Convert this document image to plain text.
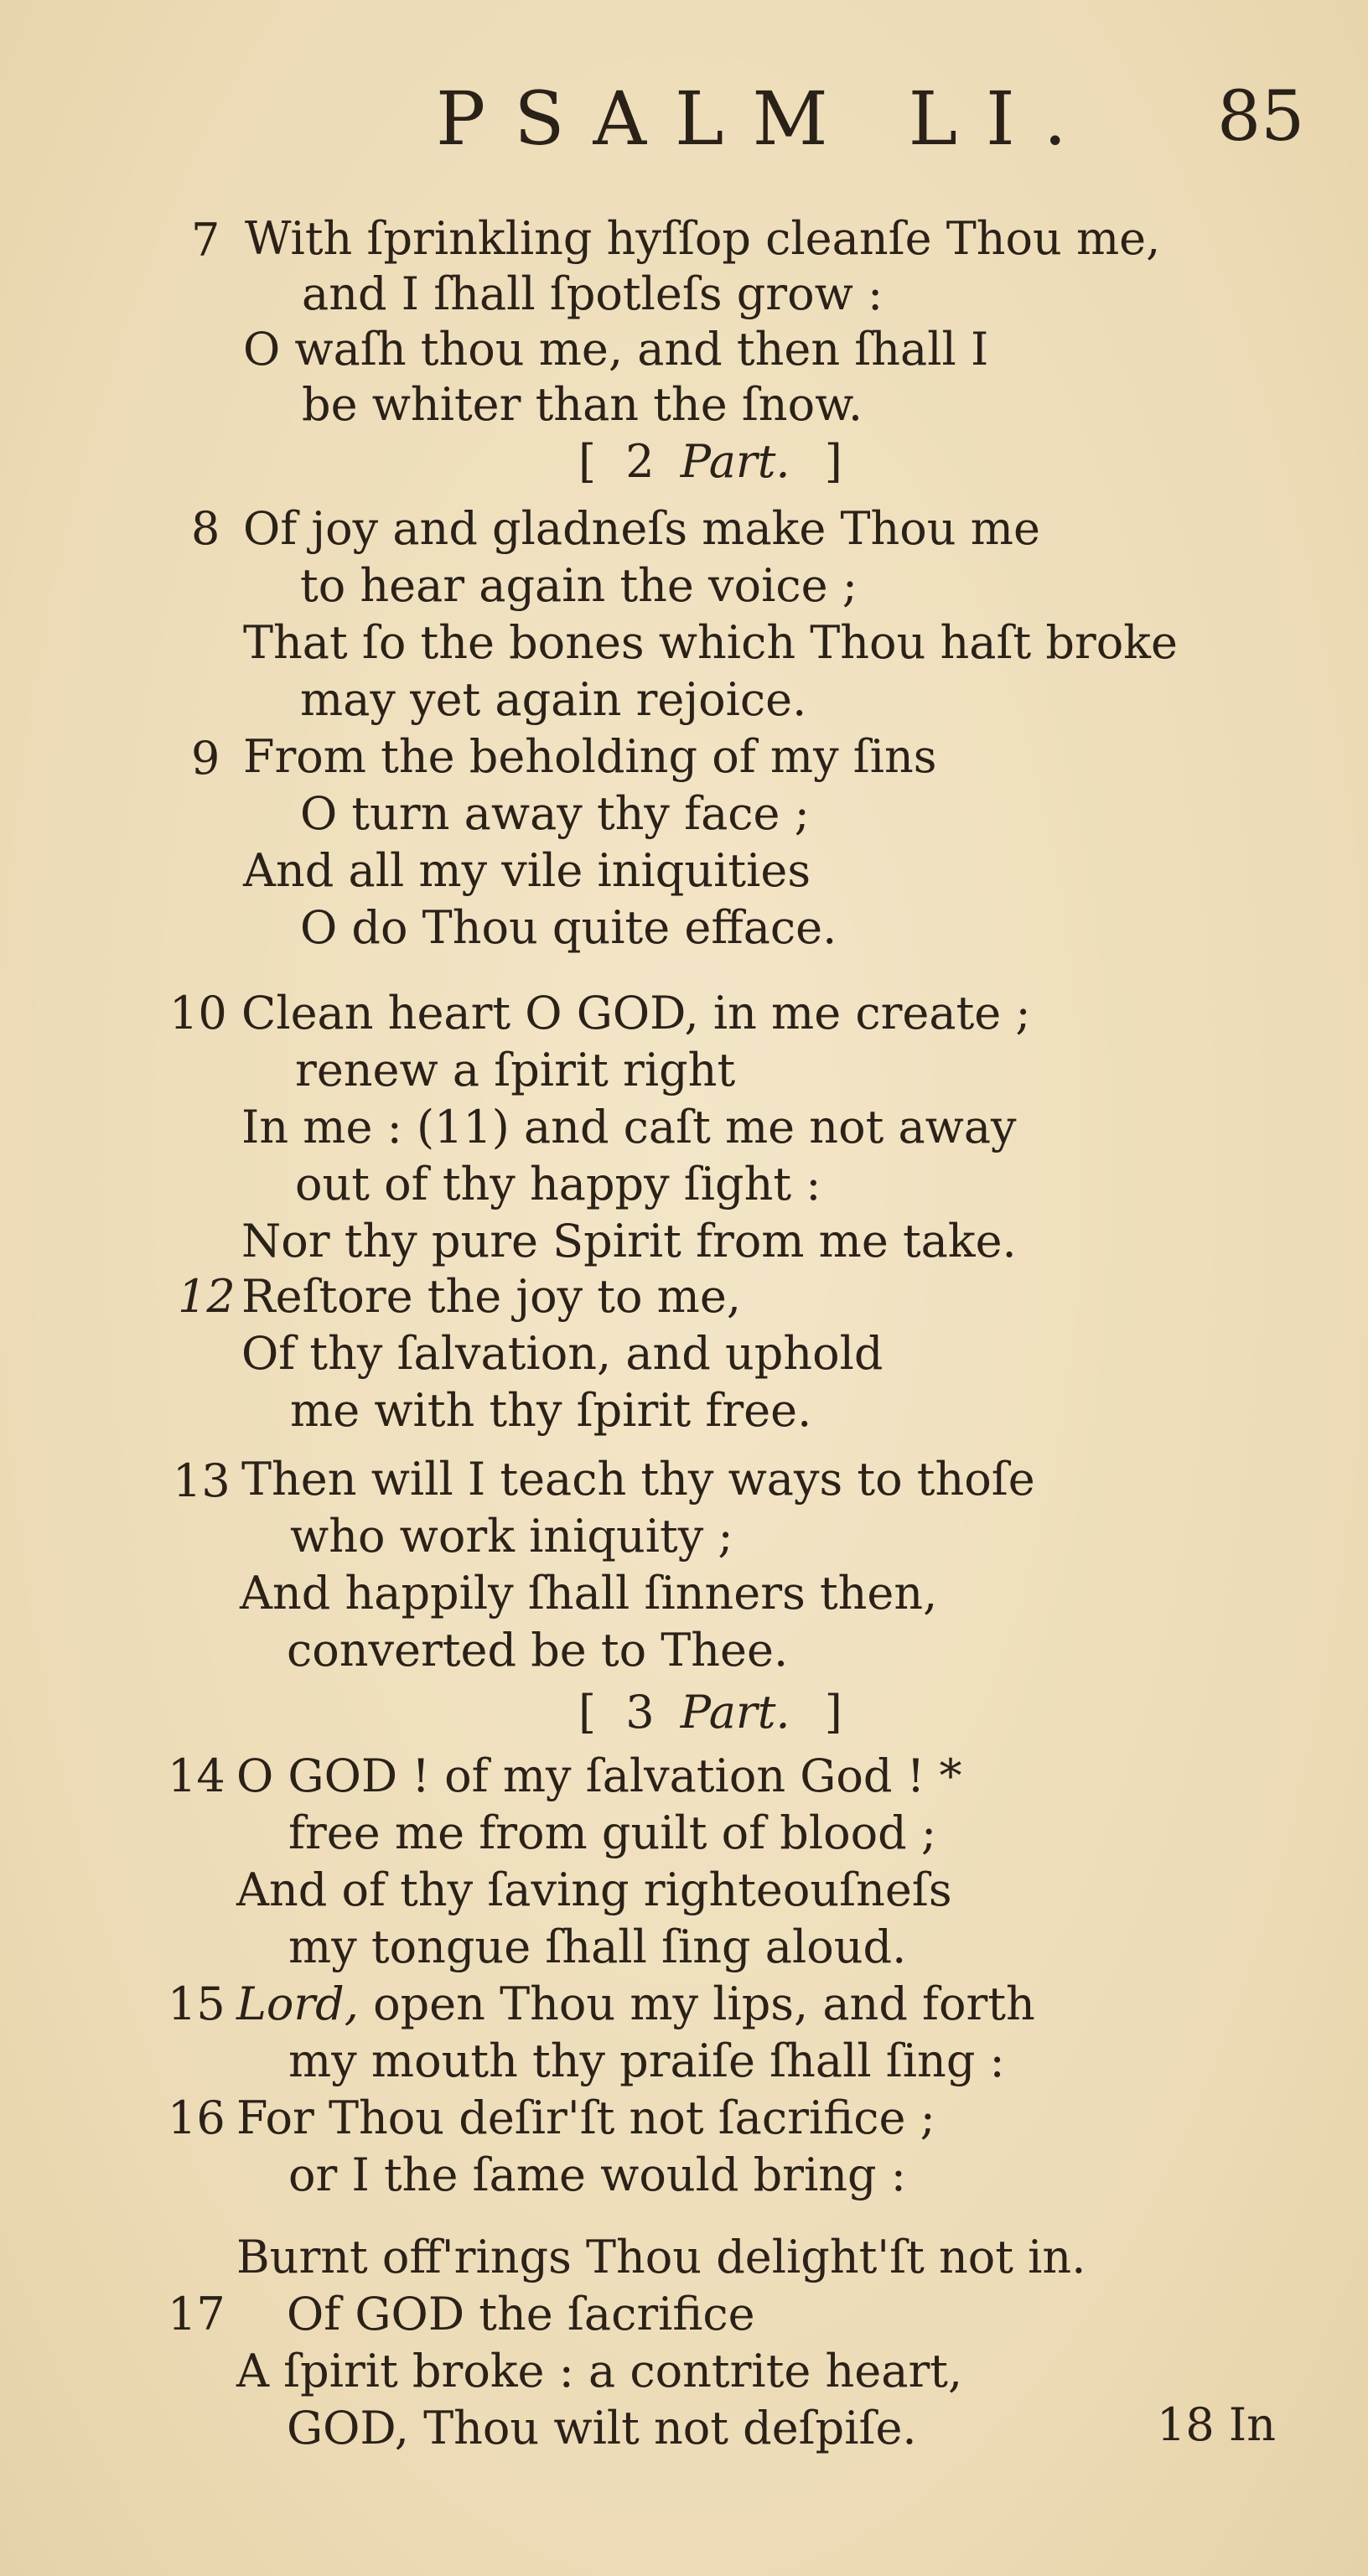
PSALM LI. 85
7 With ſprinkling hyſſop cleanſe Thou me,
and I ſhall ſpotleſs grow :
O waſh thou me, and then ſhall I
be whiter than the ſnow.
[ 2 Part. ]
8 Of joy and gladneſs make Thou me
to hear again the voice ;
That ſo the bones which Thou haſt broke
may yet again rejoice.
9 From the beholding of my ſins
O turn away thy face ;
And all my vile iniquities
O do Thou quite efface.
10 Clean heart O GOD, in me create ;
renew a ſpirit right
In me : (11) and caſt me not away
out of thy happy ſight :
Nor thy pure Spirit from me take.
12 Reſtore the joy to me,
Of thy ſalvation, and uphold
me with thy ſpirit free.
13 Then will I teach thy ways to thoſe
who work iniquity ;
And happily ſhall ſinners then,
converted be to Thee.
[ 3 Part. ]
14 O GOD ! of my ſalvation God ! *
free me from guilt of blood ;
And of thy ſaving righteouſneſs
my tongue ſhall ſing aloud.
15 Lord, open Thou my lips, and forth
my mouth thy praiſe ſhall ſing :
16 For Thou deſir'ſt not ſacrifice ;
or I the ſame would bring :
Burnt off'rings Thou delight'ſt not in.
17 Of GOD the ſacrifice
A ſpirit broke : a contrite heart,
GOD, Thou wilt not deſpiſe.	18 In
